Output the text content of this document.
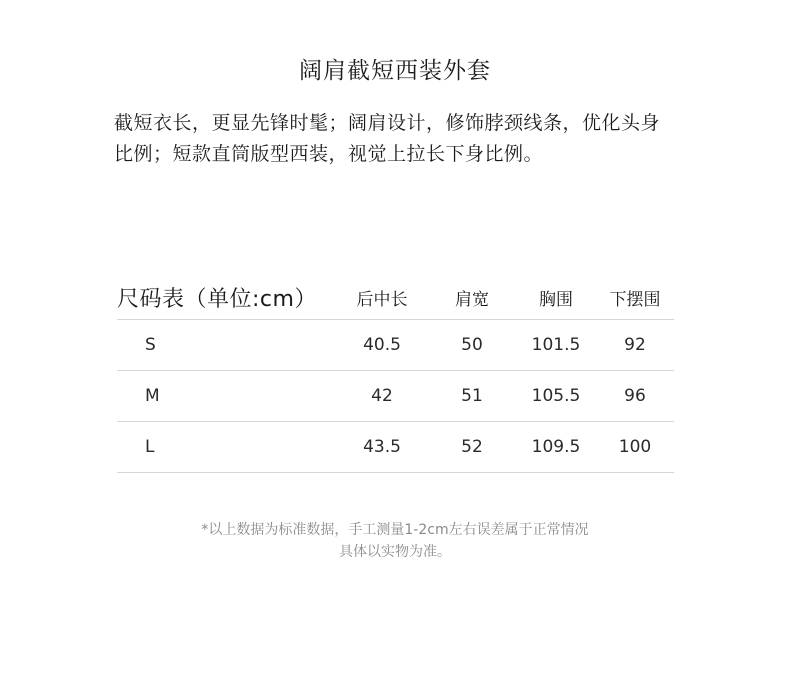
阔肩截短西装外套

截短衣长，更显先锋时髦；阔肩设计，修饰脖颈线条，优化头身

比例；短款直筒版型西装，视觉上拉长下身比例。

尺码表（单位:cm）	后中长	肩宽	胸围	下摆围
S	40.5	50	101.5	92
M	42	51	105.5	96
L	43.5	52	109.5	100

*以上数据为标准数据，手工测量1-2cm左右误差属于正常情况

具体以实物为准。
